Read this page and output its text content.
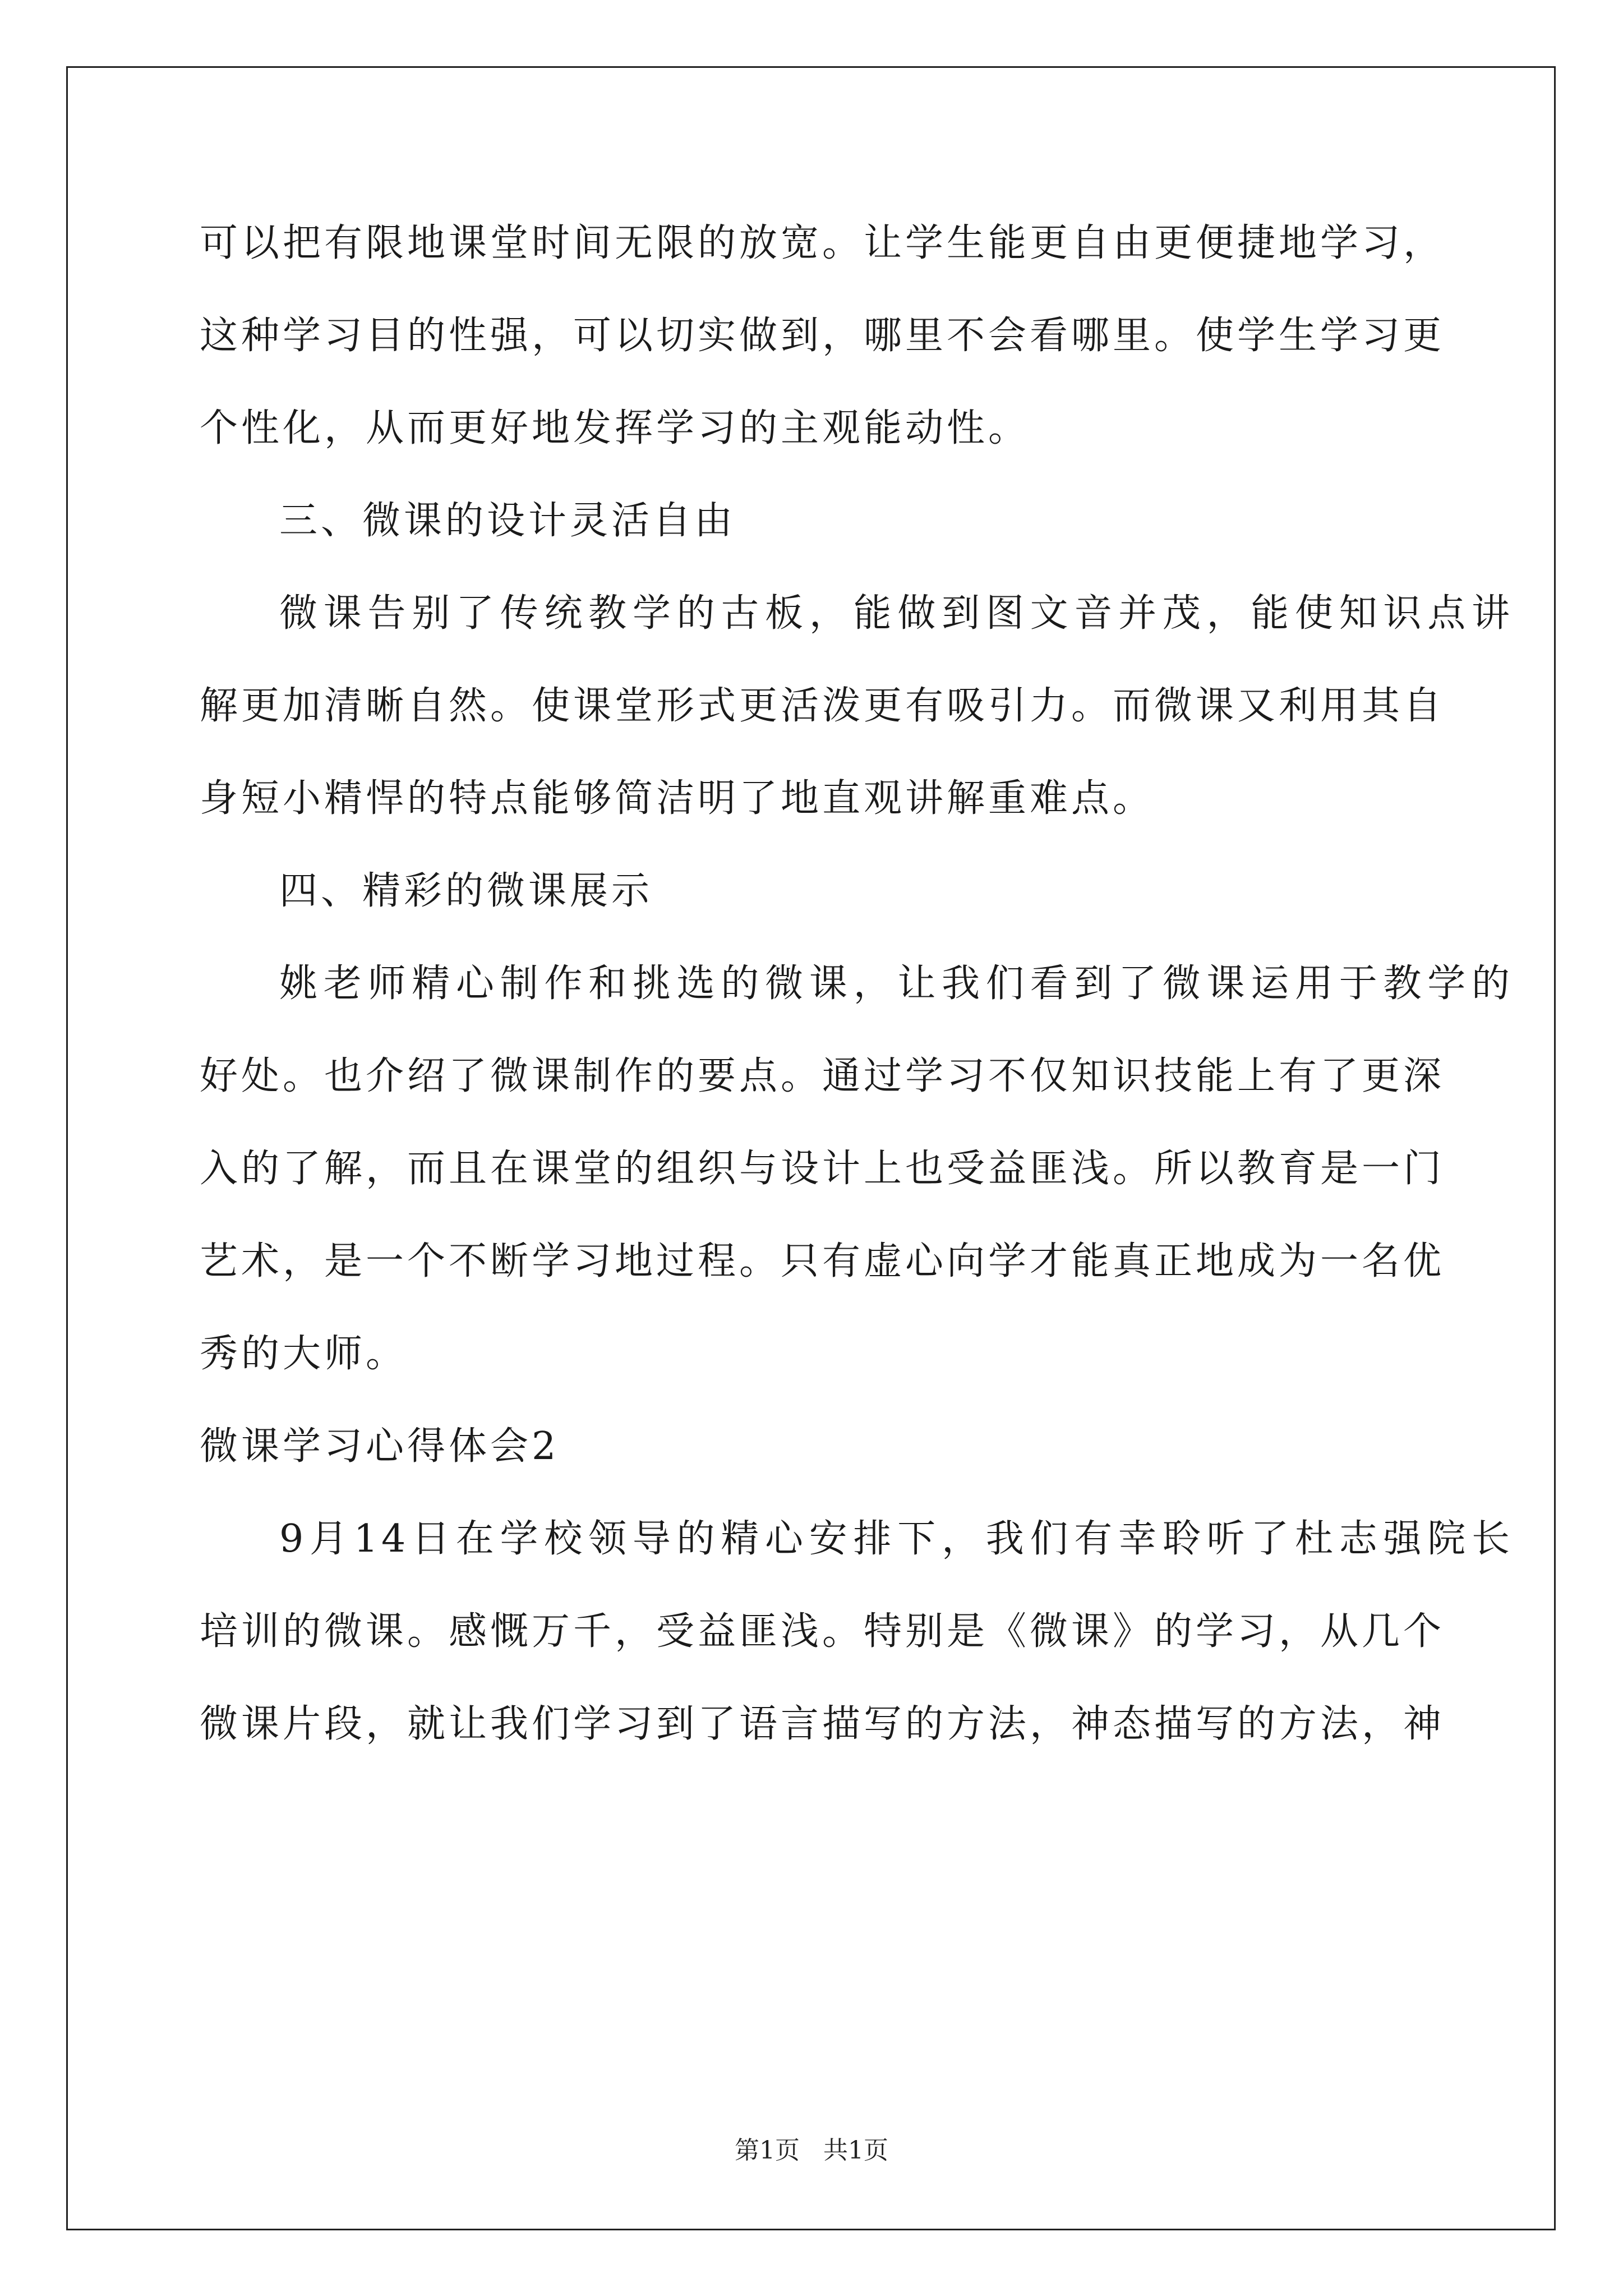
可以把有限地课堂时间无限的放宽。让学生能更自由更便捷地学习，
这种学习目的性强，可以切实做到，哪里不会看哪里。使学生学习更
个性化，从而更好地发挥学习的主观能动性。
三、微课的设计灵活自由
微课告别了传统教学的古板，能做到图文音并茂，能使知识点讲
解更加清晰自然。使课堂形式更活泼更有吸引力。而微课又利用其自
身短小精悍的特点能够简洁明了地直观讲解重难点。
四、精彩的微课展示
姚老师精心制作和挑选的微课，让我们看到了微课运用于教学的
好处。也介绍了微课制作的要点。通过学习不仅知识技能上有了更深
入的了解，而且在课堂的组织与设计上也受益匪浅。所以教育是一门
艺术，是一个不断学习地过程。只有虚心向学才能真正地成为一名优
秀的大师。
微课学习心得体会2
9月14日在学校领导的精心安排下，我们有幸聆听了杜志强院长
培训的微课。感慨万千，受益匪浅。特别是《微课》的学习，从几个
微课片段，就让我们学习到了语言描写的方法，神态描写的方法，神
第1页 共1页
